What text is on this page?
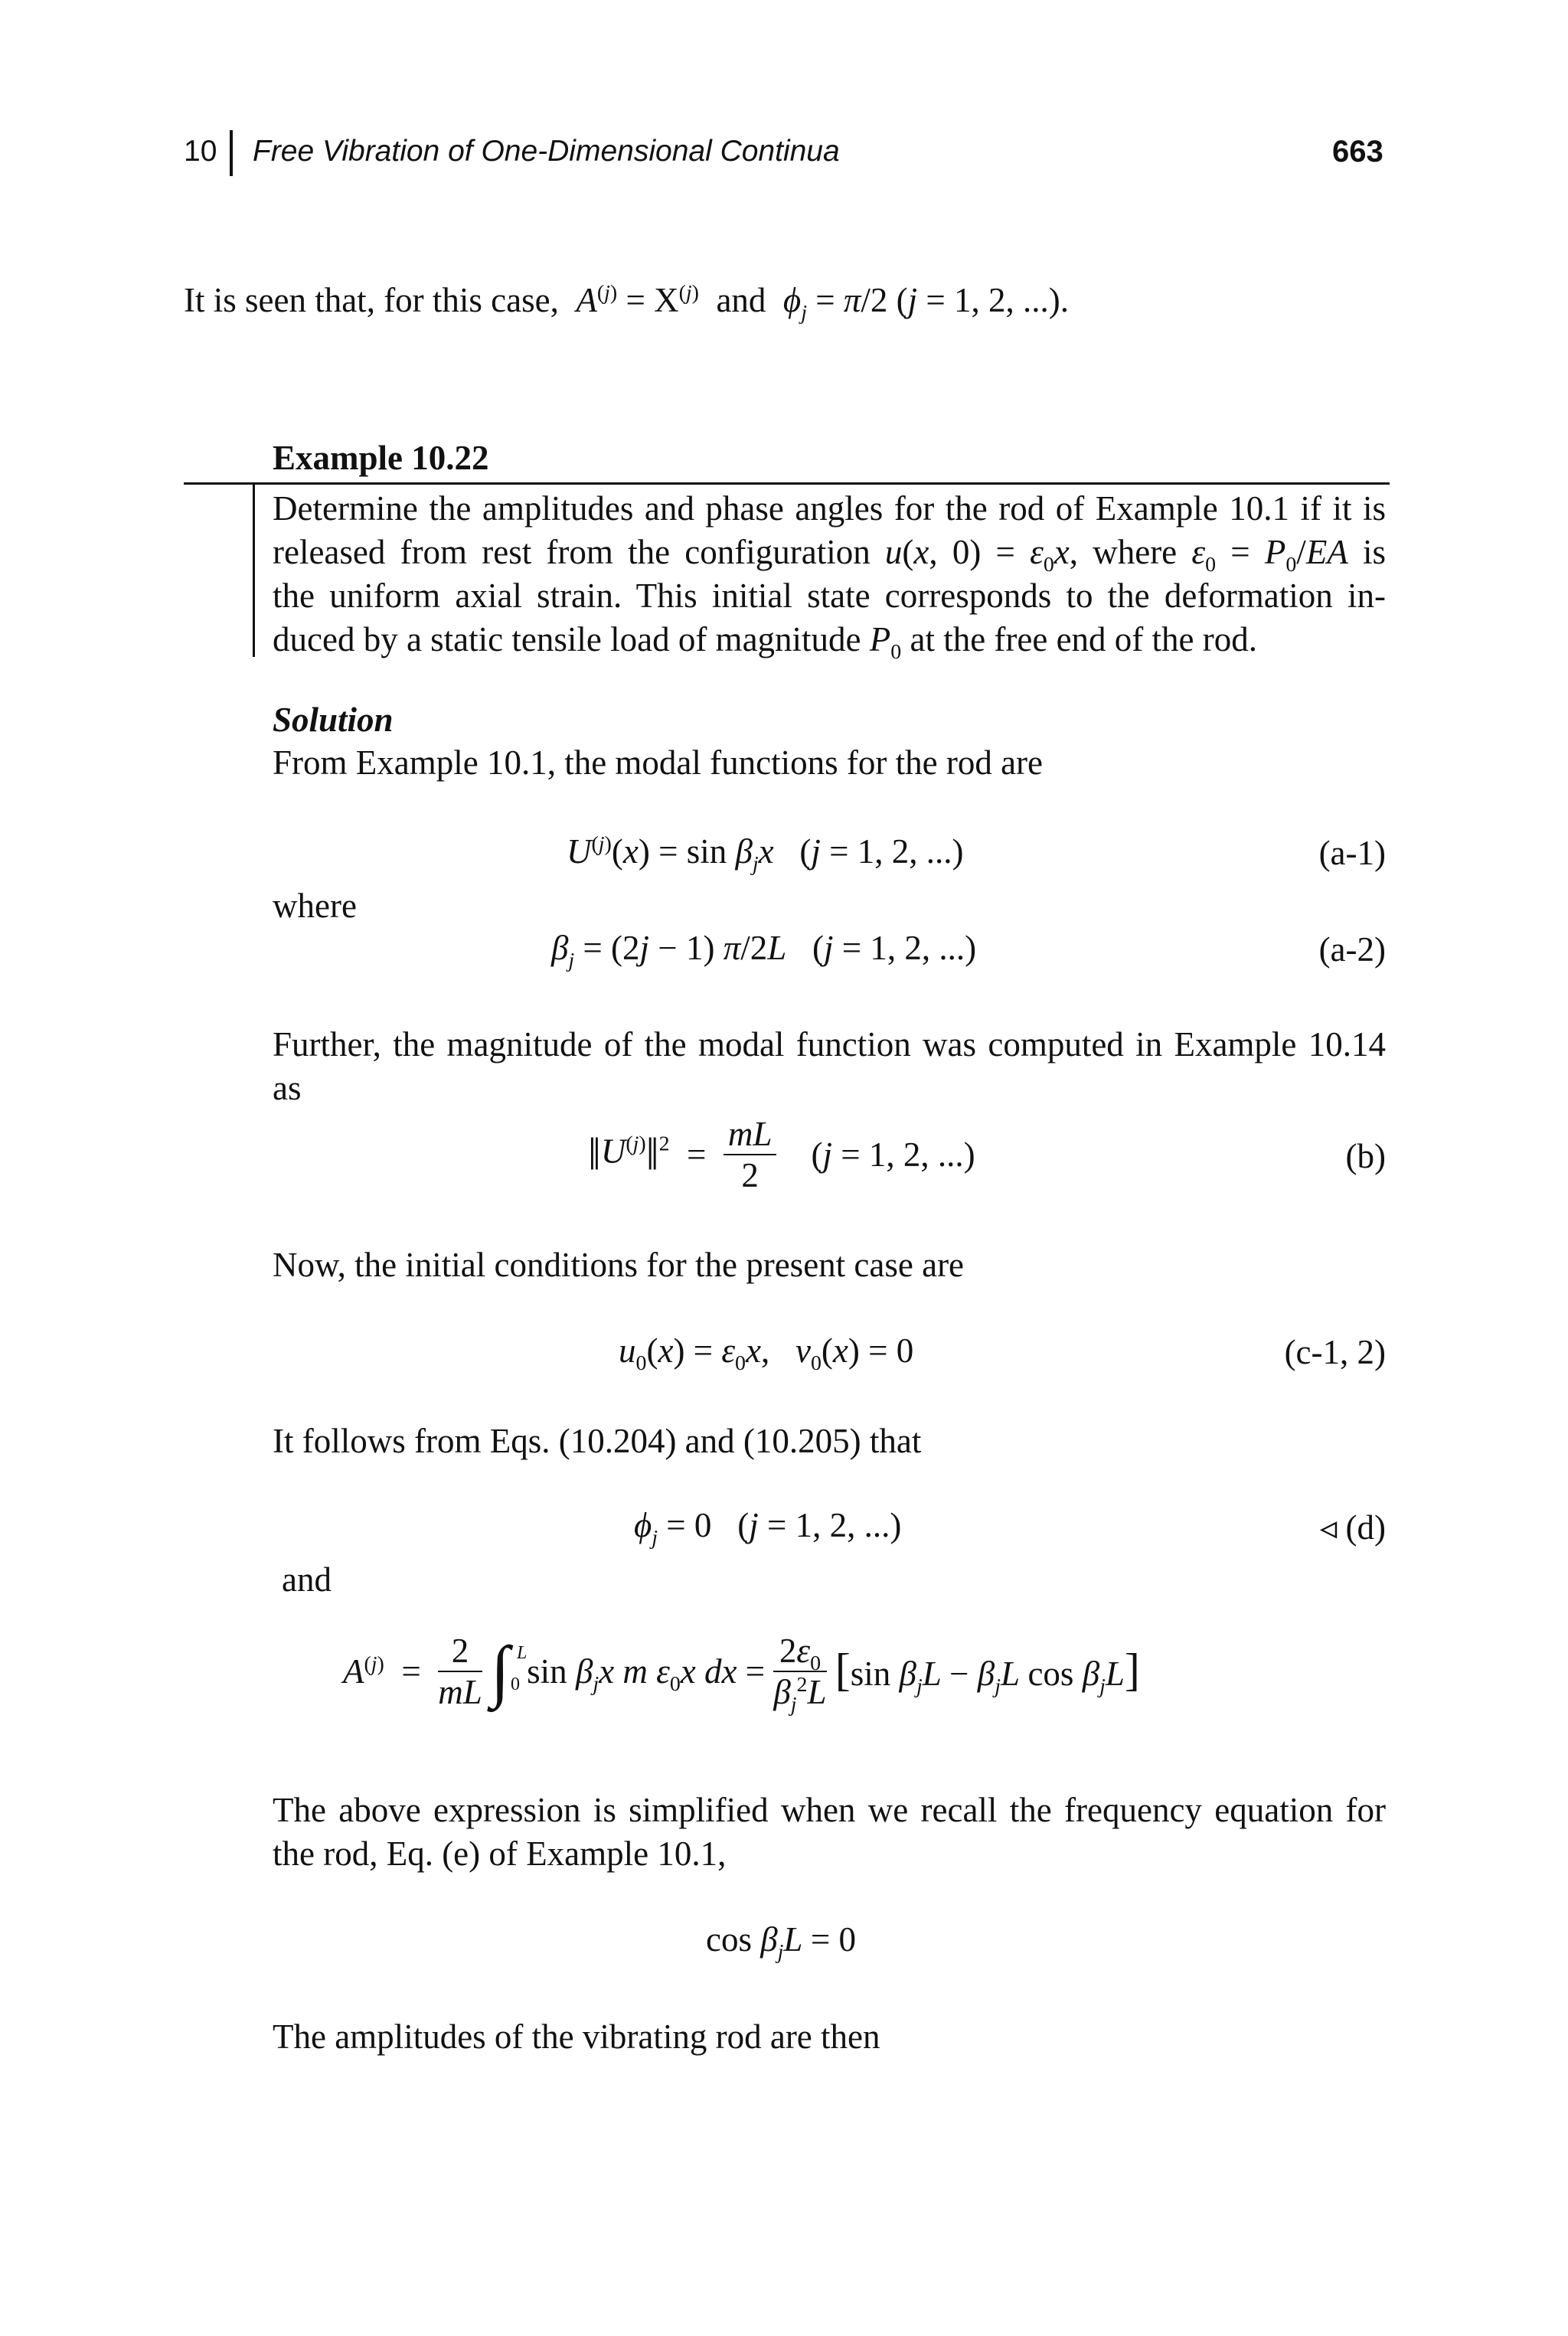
10 Free Vibration of One-Dimensional Continua	663
It is seen that, for this case,  $A^{(j)} = X^{(j)}$ and  $\phi_j = \pi/2$ (j = 1, 2, ...).
Example 10.22
Determine the amplitudes and phase angles for the rod of Example 10.1 if it is
released from rest from the configuration u(x, $0) = \varepsilon_0x$, where $\varepsilon_0 = P_0/EA$ is
the uniform axial strain. This initial state corresponds to the deformation in-
duced by a static tensile load of magnitude $P_0$ at the free end of the rod.
Solution
From Example 10.1, the modal functions for the rod are
$U^{(j)}(x) = \sin \beta_jx$   (j = 1, 2, ...)	(a-1)
where
$\beta_j = (2j - 1)$ π/2L   (j = 1, 2, ...)	(a-2)
Further, the magnitude of the modal function was computed in Example 10.14
as
$‖U^{(j)}‖^2 = \frac{mL}{2} (j = 1$, 2, ...)	(b)
Now, the initial conditions for the present case are
$u_0(x) = \varepsilon_0x$,   $v_0(x) = 0$	(c-1, 2)
It follows from Eqs. (10.204) and (10.205) that
$\phi_j = 0$ (j = 1, 2, ...)	◃ (d)
and
$A^{(j)} = \frac{2}{mL}$ ∫ L
0 $\sin \beta_jx$ m $\varepsilon_0x$ dx = $\frac{2\varepsilon_0}{\beta_j^2L} [\sin$ $\beta_jL - \beta_jL$ $\cos \beta_jL$]
The above expression is simplified when we recall the frequency equation for
the rod, Eq. (e) of Example 10.1,
$\cos \beta_jL = 0$
The amplitudes of the vibrating rod are then
